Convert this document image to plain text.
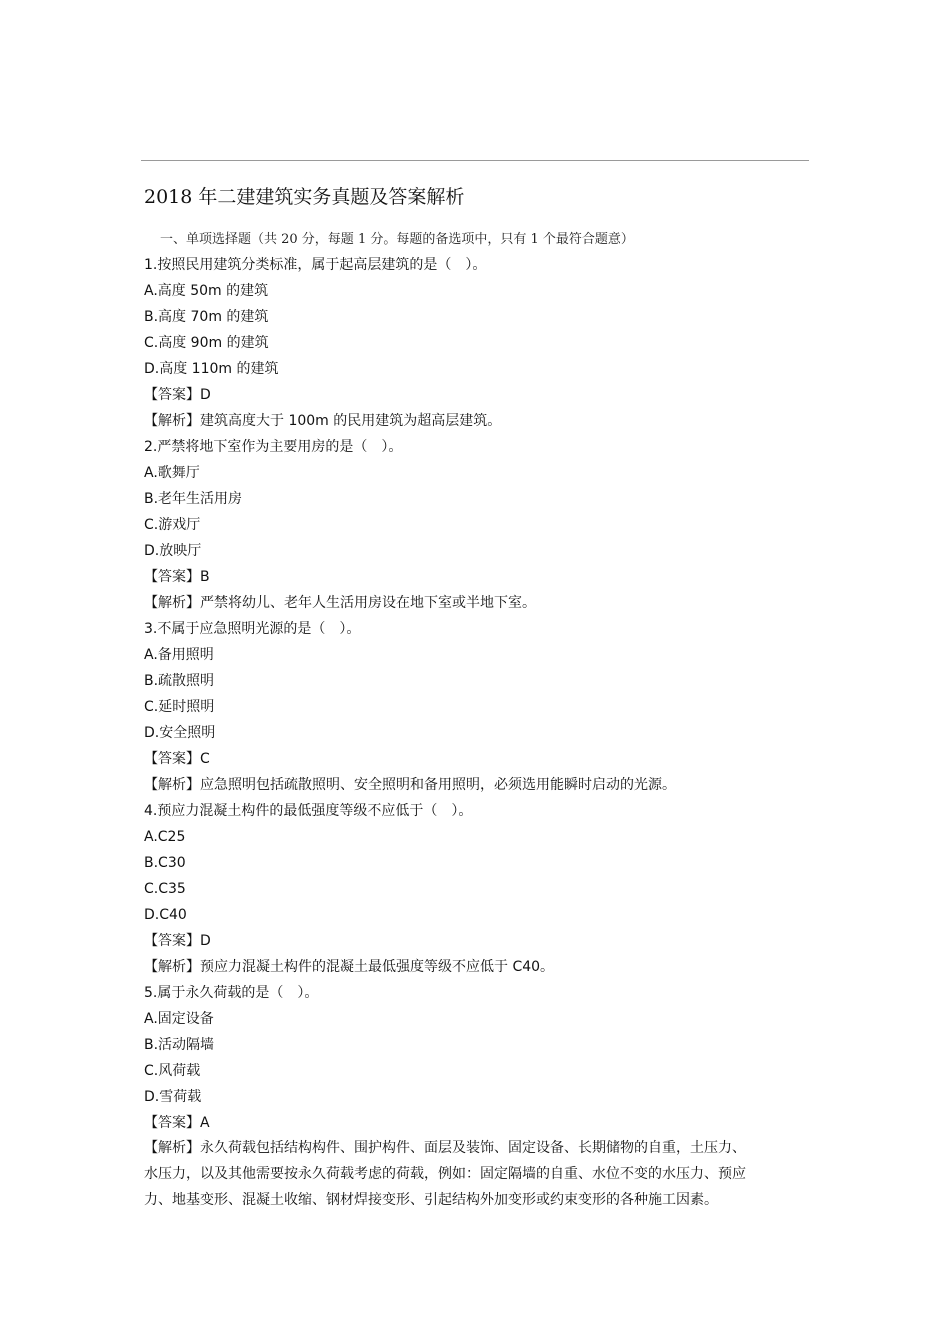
2018 年二建建筑实务真题及答案解析
一、单项选择题（共 20 分，每题 1 分。每题的备选项中，只有 1 个最符合题意）
1.按照民用建筑分类标准，属于起高层建筑的是（　）。
A.高度 50m 的建筑
B.高度 70m 的建筑
C.高度 90m 的建筑
D.高度 110m 的建筑
【答案】D
【解析】建筑高度大于 100m 的民用建筑为超高层建筑。
2.严禁将地下室作为主要用房的是（　）。
A.歌舞厅
B.老年生活用房
C.游戏厅
D.放映厅
【答案】B
【解析】严禁将幼儿、老年人生活用房设在地下室或半地下室。
3.不属于应急照明光源的是（　）。
A.备用照明
B.疏散照明
C.延时照明
D.安全照明
【答案】C
【解析】应急照明包括疏散照明、安全照明和备用照明，必须选用能瞬时启动的光源。
4.预应力混凝土构件的最低强度等级不应低于（　）。
A.C25
B.C30
C.C35
D.C40
【答案】D
【解析】预应力混凝土构件的混凝土最低强度等级不应低于 C40。
5.属于永久荷载的是（　）。
A.固定设备
B.活动隔墙
C.风荷载
D.雪荷载
【答案】A
【解析】永久荷载包括结构构件、围护构件、面层及装饰、固定设备、长期储物的自重，土压力、
水压力，以及其他需要按永久荷载考虑的荷载，例如：固定隔墙的自重、水位不变的水压力、预应
力、地基变形、混凝土收缩、钢材焊接变形、引起结构外加变形或约束变形的各种施工因素。
